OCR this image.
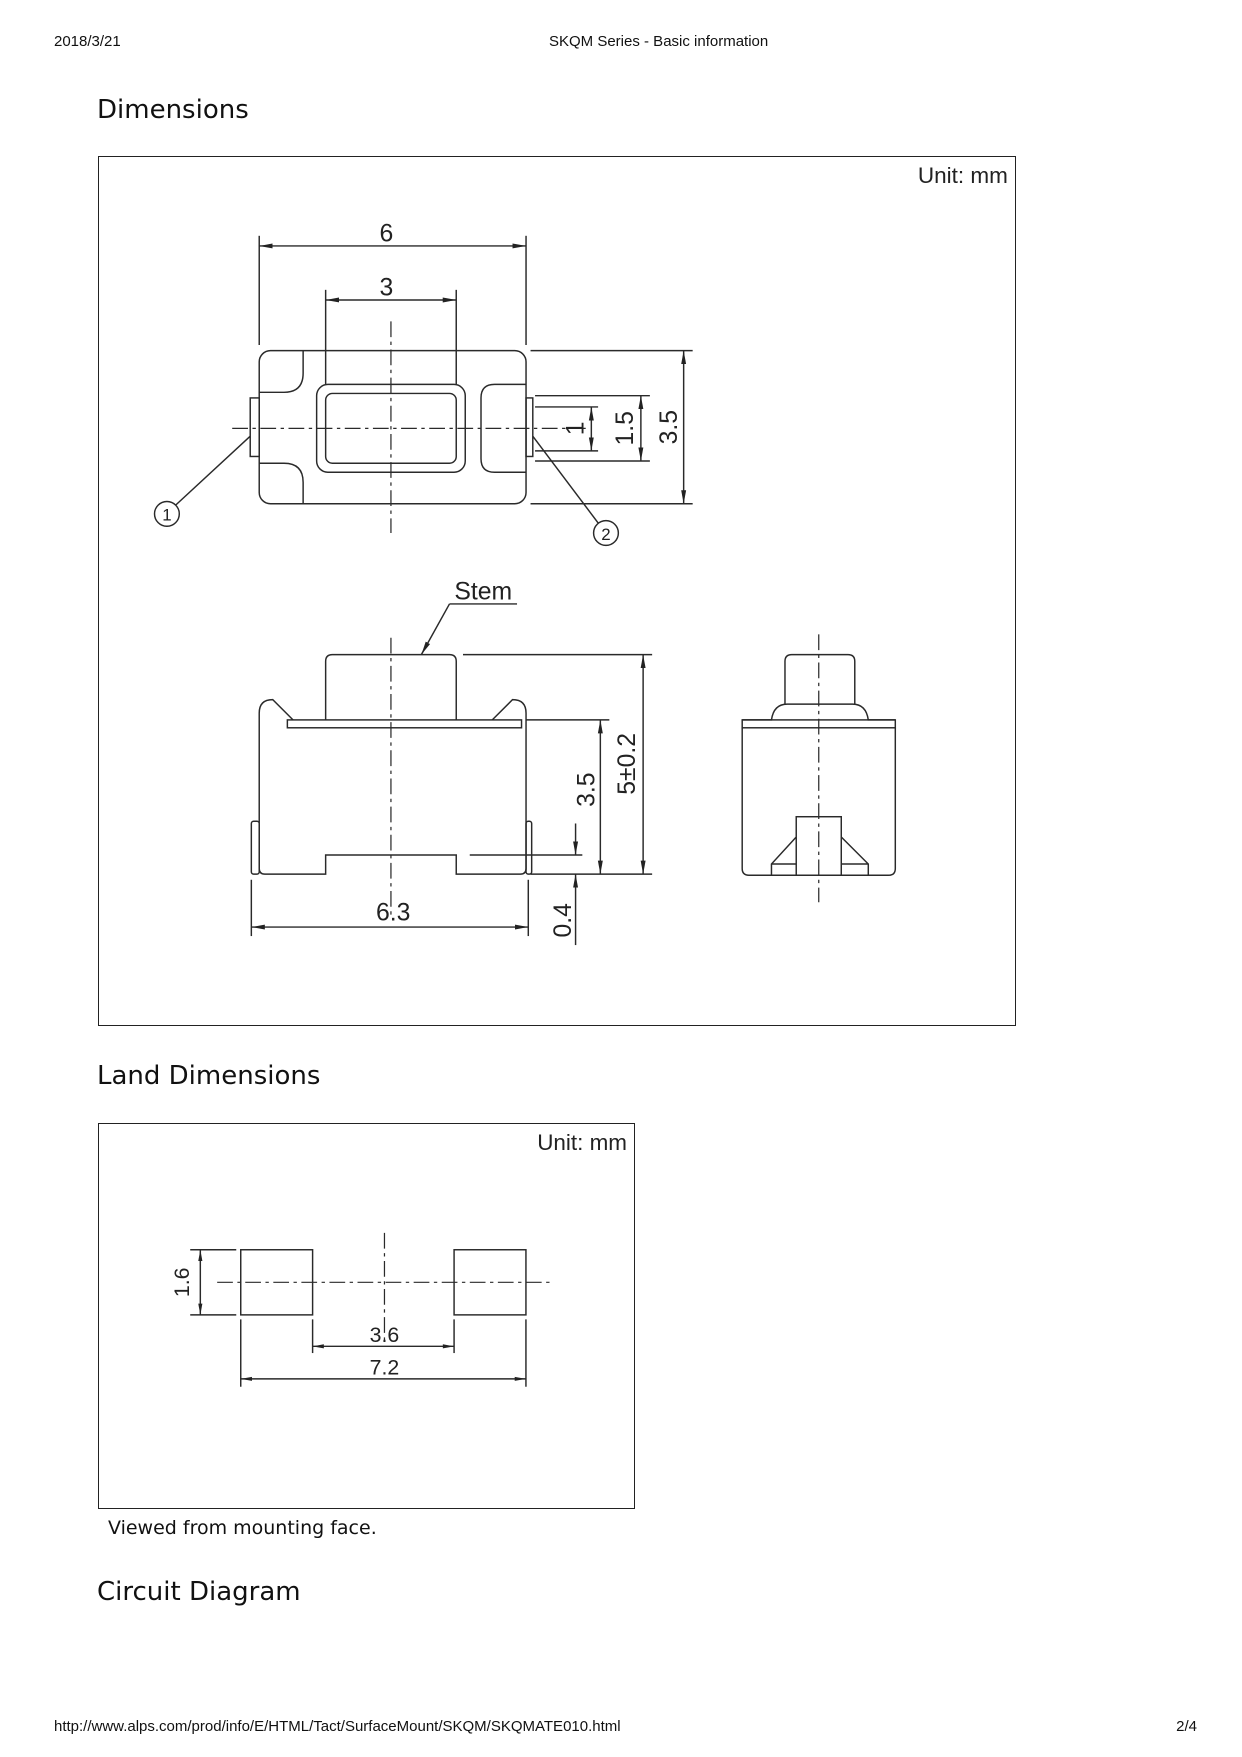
2018/3/21	SKQM Series - Basic information
Dimensions
Unit: mm
6
3
1 1.5 3.5
1
2
Stem
5±0.2
3.5
0.4
6.3
Land Dimensions
Unit: mm
1.6
3.6
7.2
Viewed from mounting face.
Circuit Diagram
http://www.alps.com/prod/info/E/HTML/Tact/SurfaceMount/SKQM/SKQMATE010.html	2/4
